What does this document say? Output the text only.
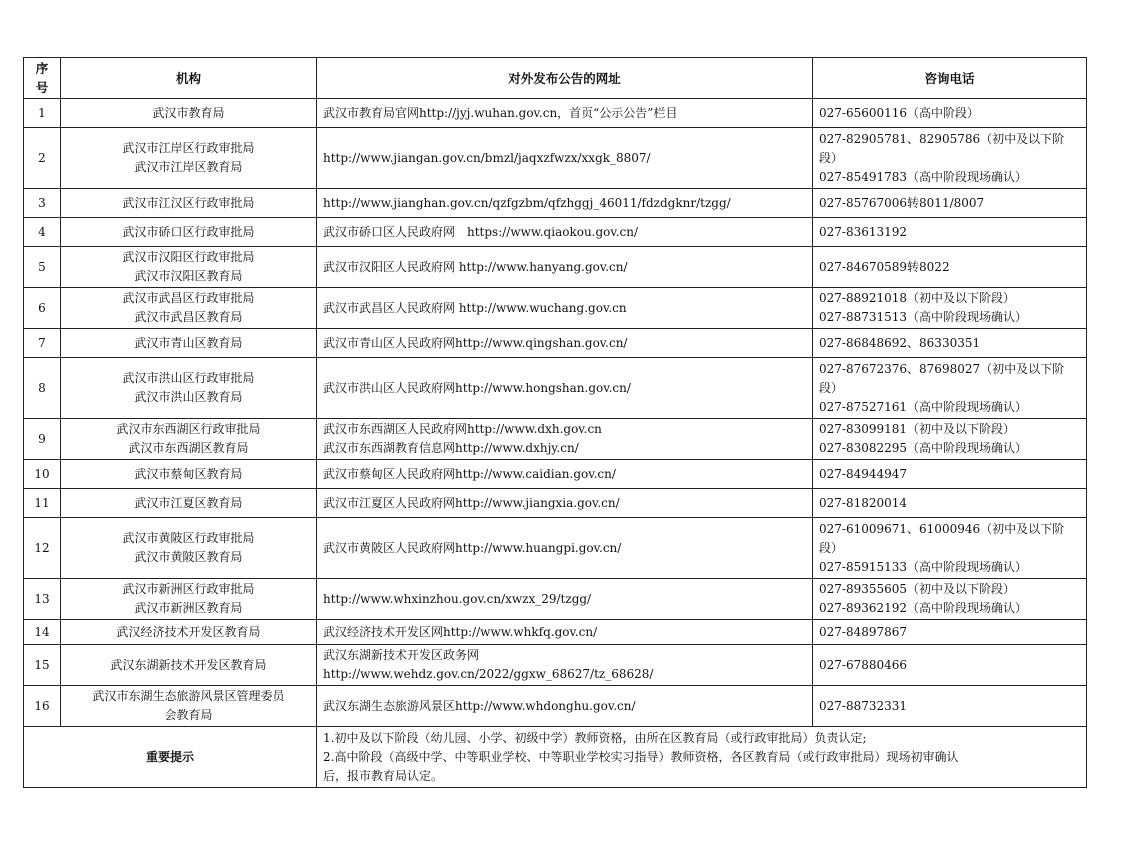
序
号	机构	对外发布公告的网址	咨询电话
1	武汉市教育局	武汉市教育局官网http://jyj.wuhan.gov.cn，首页“公示公告”栏目	027-65600116（高中阶段）

2	武汉市江岸区行政审批局
武汉市江岸区教育局	http://www.jiangan.gov.cn/bmzl/jaqxzfwzx/xxgk_8807/	027-82905781、82905786（初中及以下阶
段）
027-85491783（高中阶段现场确认）

3	武汉市江汉区行政审批局	http://www.jianghan.gov.cn/qzfgzbm/qfzhggj_46011/fdzdgknr/tzgg/	027-85767006转8011/8007

4	武汉市硚口区行政审批局	武汉市硚口区人民政府网　https://www.qiaokou.gov.cn/	027-83613192

5	武汉市汉阳区行政审批局
武汉市汉阳区教育局	武汉市汉阳区人民政府网 http://www.hanyang.gov.cn/	027-84670589转8022

6	武汉市武昌区行政审批局
武汉市武昌区教育局	武汉市武昌区人民政府网 http://www.wuchang.gov.cn	027-88921018（初中及以下阶段）
027-88731513（高中阶段现场确认）

7	武汉市青山区教育局	武汉市青山区人民政府网http://www.qingshan.gov.cn/	027-86848692、86330351

8	武汉市洪山区行政审批局
武汉市洪山区教育局	武汉市洪山区人民政府网http://www.hongshan.gov.cn/	027-87672376、87698027（初中及以下阶
段）
027-87527161（高中阶段现场确认）

9	武汉市东西湖区行政审批局
武汉市东西湖区教育局	武汉市东西湖区人民政府网http://www.dxh.gov.cn
武汉市东西湖教育信息网http://www.dxhjy.cn/	027-83099181（初中及以下阶段）
027-83082295（高中阶段现场确认）

10	武汉市蔡甸区教育局	武汉市蔡甸区人民政府网http://www.caidian.gov.cn/	027-84944947

11	武汉市江夏区教育局	武汉市江夏区人民政府网http://www.jiangxia.gov.cn/	027-81820014

12	武汉市黄陂区行政审批局
武汉市黄陂区教育局	武汉市黄陂区人民政府网http://www.huangpi.gov.cn/	027-61009671、61000946（初中及以下阶
段）
027-85915133（高中阶段现场确认）

13	武汉市新洲区行政审批局
武汉市新洲区教育局	http://www.whxinzhou.gov.cn/xwzx_29/tzgg/	027-89355605（初中及以下阶段）
027-89362192（高中阶段现场确认）

14	武汉经济技术开发区教育局	武汉经济技术开发区网http://www.whkfq.gov.cn/	027-84897867

15	武汉东湖新技术开发区教育局	武汉东湖新技术开发区政务网
http://www.wehdz.gov.cn/2022/ggxw_68627/tz_68628/	027-67880466

16	武汉市东湖生态旅游风景区管理委员
会教育局	武汉东湖生态旅游风景区http://www.whdonghu.gov.cn/	027-88732331

重要提示		1.初中及以下阶段（幼儿园、小学、初级中学）教师资格，由所在区教育局（或行政审批局）负责认定;
2.高中阶段（高级中学、中等职业学校、中等职业学校实习指导）教师资格，各区教育局（或行政审批局）现场初审确认
后，报市教育局认定。	
